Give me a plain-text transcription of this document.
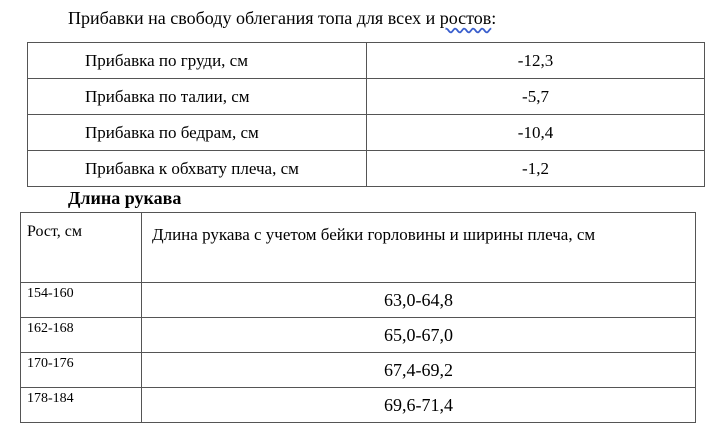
Прибавки на свободу облегания топа для всех и ростов:
Прибавка по груди, см	-12,3
Прибавка по талии, см	-5,7
Прибавка по бедрам, см	-10,4
Прибавка к обхвату плеча, см	-1,2
Длина рукава
Рост, см	Длина рукава с учетом бейки горловины и ширины плеча, см
154-160	63,0-64,8
162-168	65,0-67,0
170-176	67,4-69,2
178-184	69,6-71,4
